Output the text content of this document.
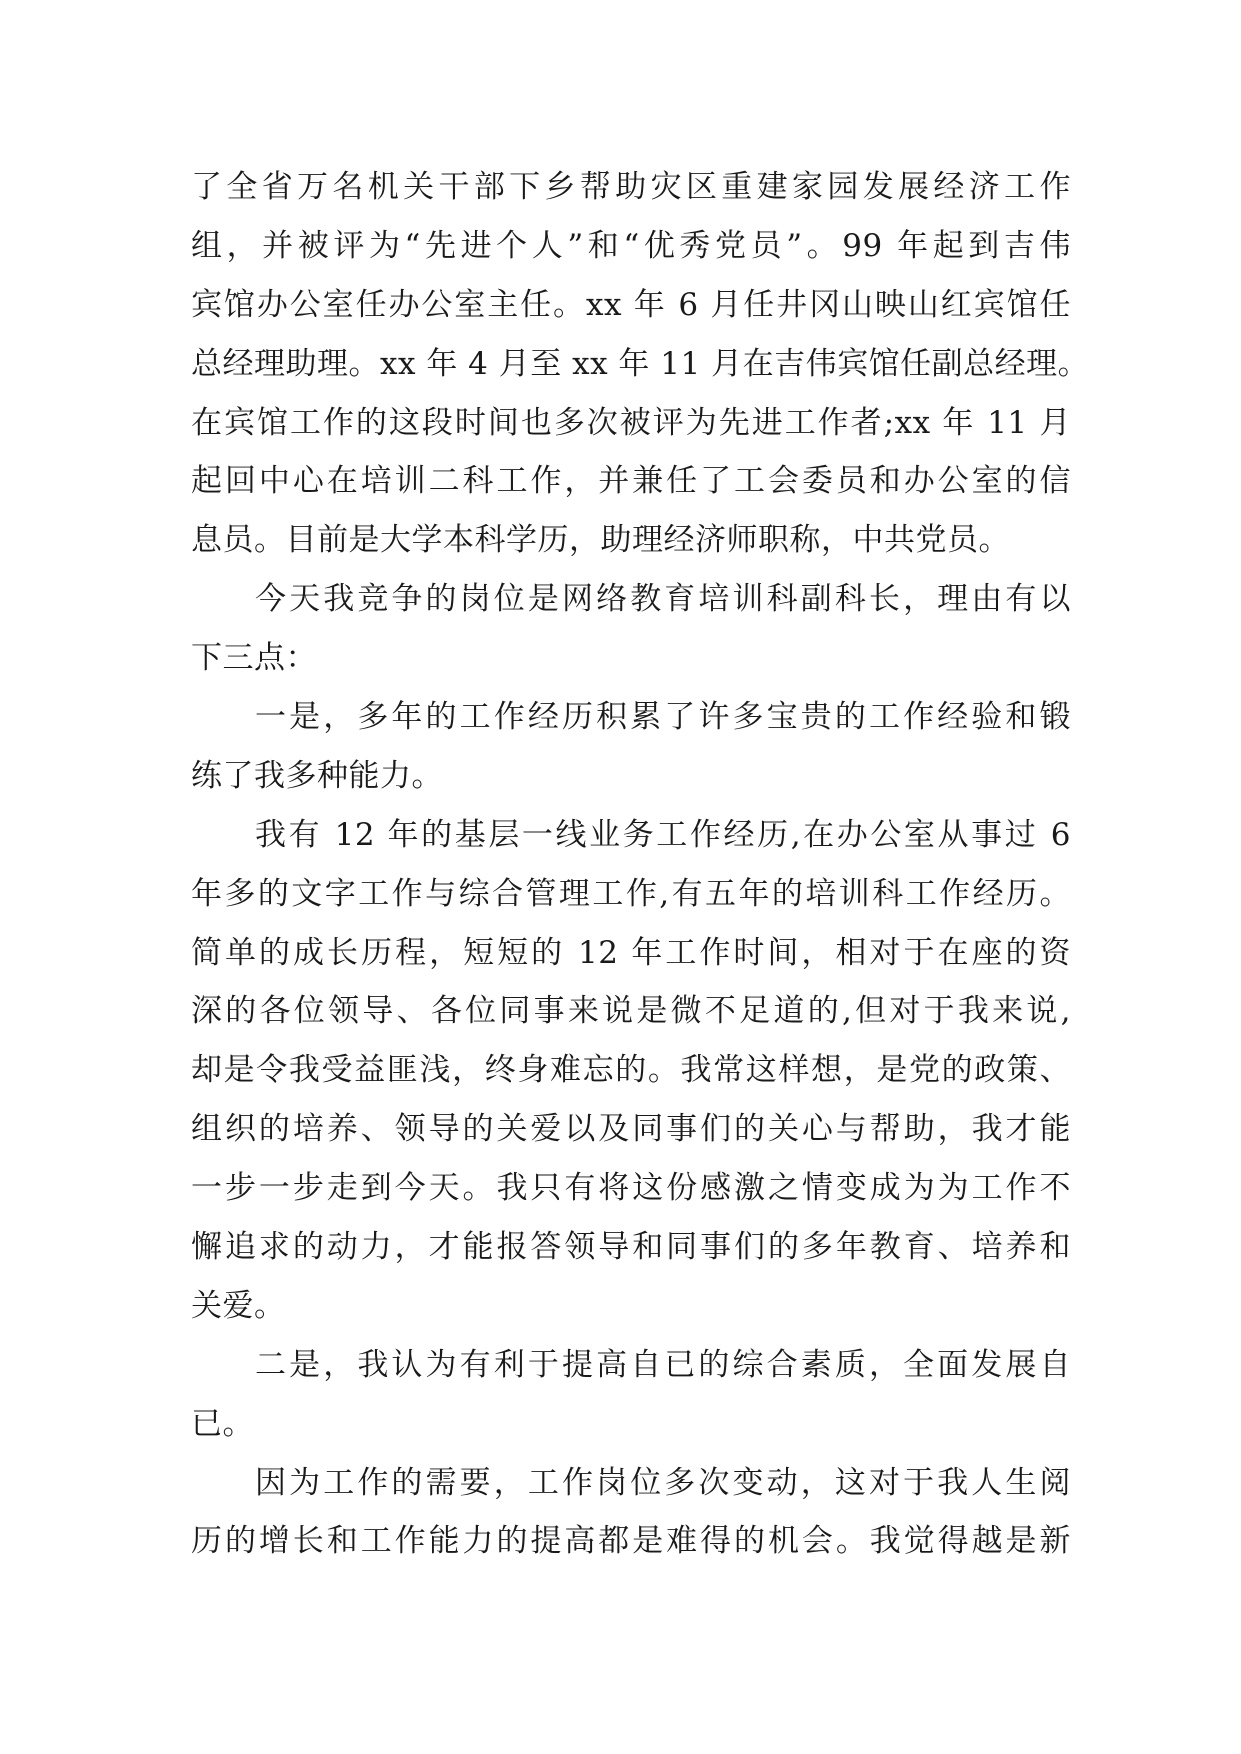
了全省万名机关干部下乡帮助灾区重建家园发展经济工作
组，并被评为“先进个人”和“优秀党员”。99 年起到吉伟
宾馆办公室任办公室主任。xx 年 6 月任井冈山映山红宾馆任
总经理助理。xx 年 4 月至 xx 年 11 月在吉伟宾馆任副总经理。
在宾馆工作的这段时间也多次被评为先进工作者;xx 年 11 月
起回中心在培训二科工作，并兼任了工会委员和办公室的信
息员。目前是大学本科学历，助理经济师职称，中共党员。
今天我竞争的岗位是网络教育培训科副科长，理由有以
下三点：
一是，多年的工作经历积累了许多宝贵的工作经验和锻
练了我多种能力。
我有 12 年的基层一线业务工作经历,在办公室从事过 6
年多的文字工作与综合管理工作,有五年的培训科工作经历。
简单的成长历程，短短的 12 年工作时间，相对于在座的资
深的各位领导、各位同事来说是微不足道的,但对于我来说,
却是令我受益匪浅，终身难忘的。我常这样想，是党的政策、
组织的培养、领导的关爱以及同事们的关心与帮助，我才能
一步一步走到今天。我只有将这份感激之情变成为为工作不
懈追求的动力，才能报答领导和同事们的多年教育、培养和
关爱。
二是，我认为有利于提高自已的综合素质，全面发展自
已。
因为工作的需要，工作岗位多次变动，这对于我人生阅
历的增长和工作能力的提高都是难得的机会。我觉得越是新
